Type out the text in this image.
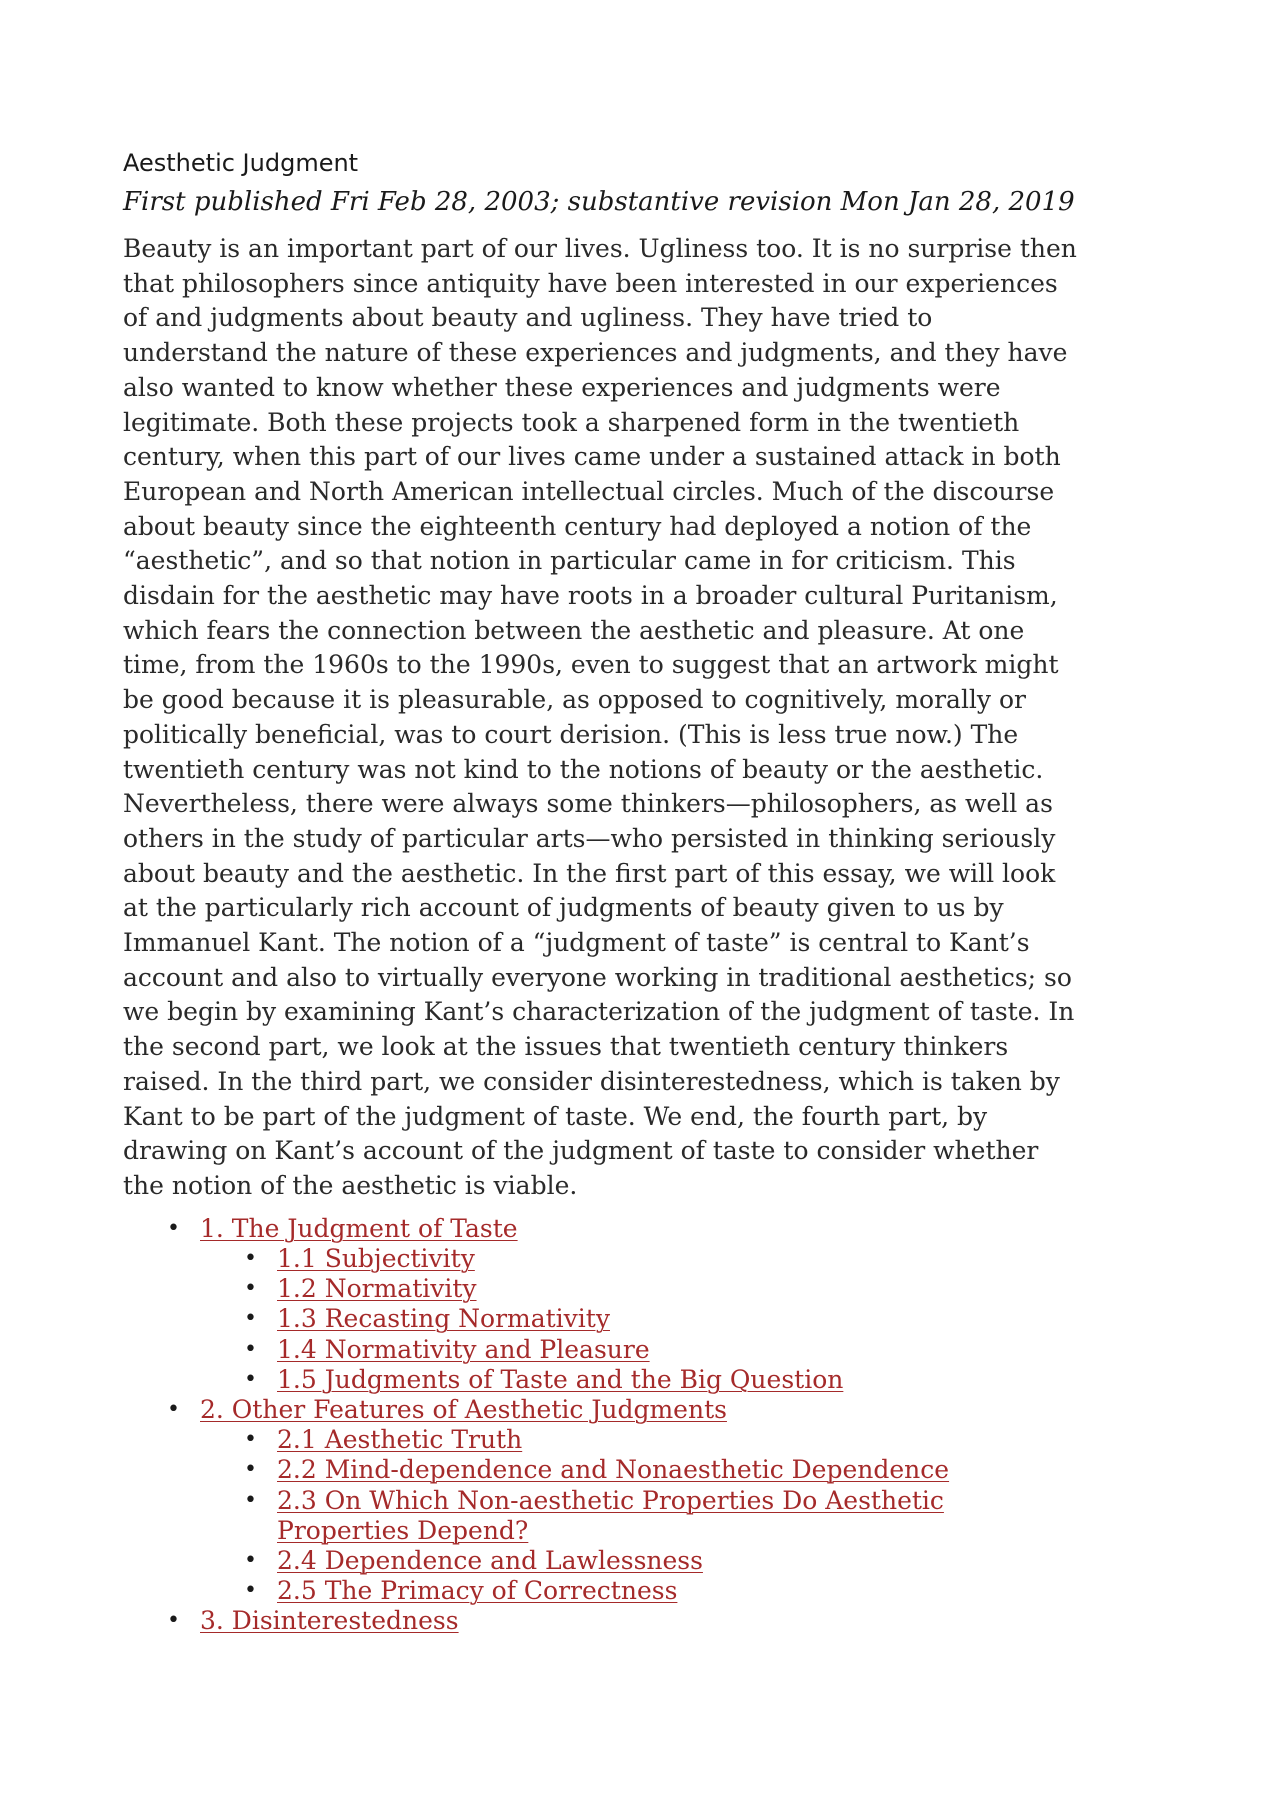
Aesthetic Judgment
First published Fri Feb 28, 2003; substantive revision Mon Jan 28, 2019
Beauty is an important part of our lives. Ugliness too. It is no surprise then that philosophers since antiquity have been interested in our experiences of and judgments about beauty and ugliness. They have tried to understand the nature of these experiences and judgments, and they have also wanted to know whether these experiences and judgments were legitimate. Both these projects took a sharpened form in the twentieth century, when this part of our lives came under a sustained attack in both European and North American intellectual circles. Much of the discourse about beauty since the eighteenth century had deployed a notion of the “aesthetic”, and so that notion in particular came in for criticism. This disdain for the aesthetic may have roots in a broader cultural Puritanism, which fears the connection between the aesthetic and pleasure. At one time, from the 1960s to the 1990s, even to suggest that an artwork might be good because it is pleasurable, as opposed to cognitively, morally or politically beneficial, was to court derision. (This is less true now.) The twentieth century was not kind to the notions of beauty or the aesthetic. Nevertheless, there were always some thinkers—philosophers, as well as others in the study of particular arts—who persisted in thinking seriously about beauty and the aesthetic. In the first part of this essay, we will look at the particularly rich account of judgments of beauty given to us by Immanuel Kant. The notion of a “judgment of taste” is central to Kant’s account and also to virtually everyone working in traditional aesthetics; so we begin by examining Kant’s characterization of the judgment of taste. In the second part, we look at the issues that twentieth century thinkers raised. In the third part, we consider disinterestedness, which is taken by Kant to be part of the judgment of taste. We end, the fourth part, by drawing on Kant’s account of the judgment of taste to consider whether the notion of the aesthetic is viable.
• 1. The Judgment of Taste
• 1.1 Subjectivity
• 1.2 Normativity
• 1.3 Recasting Normativity
• 1.4 Normativity and Pleasure
• 1.5 Judgments of Taste and the Big Question
• 2. Other Features of Aesthetic Judgments
• 2.1 Aesthetic Truth
• 2.2 Mind-dependence and Nonaesthetic Dependence
• 2.3 On Which Non-aesthetic Properties Do Aesthetic Properties Depend?
• 2.4 Dependence and Lawlessness
• 2.5 The Primacy of Correctness
• 3. Disinterestedness
